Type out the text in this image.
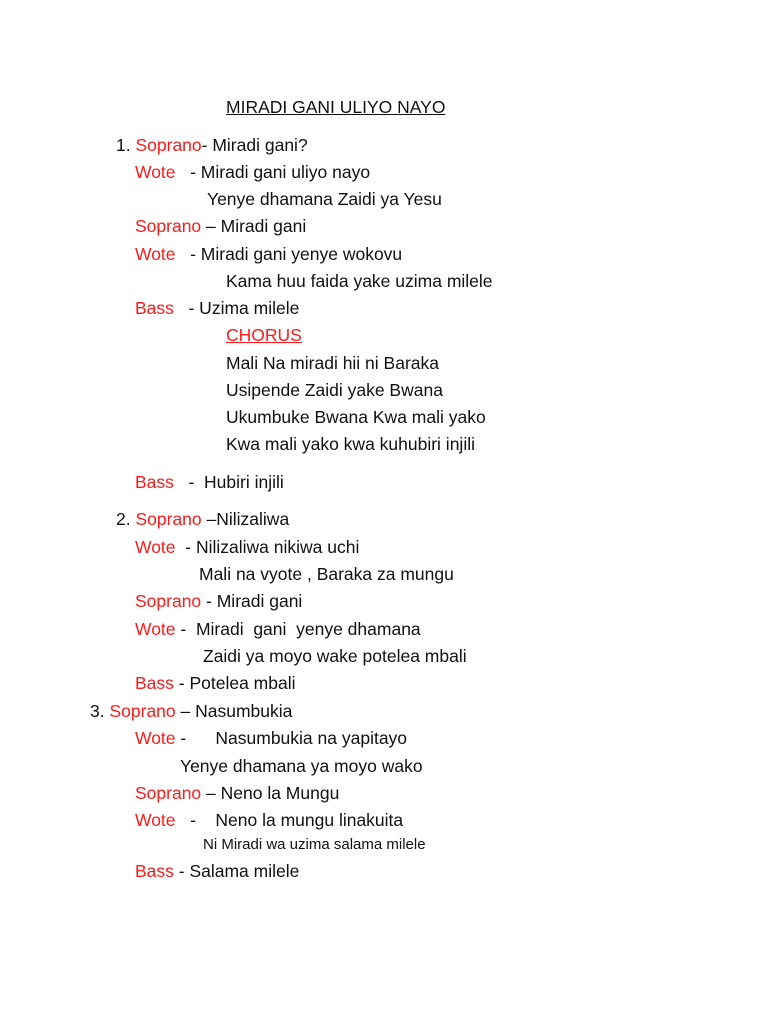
MIRADI GANI ULIYO NAYO
1. Soprano- Miradi gani?
Wote   - Miradi gani uliyo nayo
Yenye dhamana Zaidi ya Yesu
Soprano – Miradi gani
Wote   - Miradi gani yenye wokovu
Kama huu faida yake uzima milele
Bass   - Uzima milele
CHORUS
Mali Na miradi hii ni Baraka
Usipende Zaidi yake Bwana
Ukumbuke Bwana Kwa mali yako
Kwa mali yako kwa kuhubiri injili
Bass   -  Hubiri injili
2. Soprano –Nilizaliwa
Wote  - Nilizaliwa nikiwa uchi
Mali na vyote , Baraka za mungu
Soprano - Miradi gani
Wote -  Miradi  gani  yenye dhamana
Zaidi ya moyo wake potelea mbali
Bass - Potelea mbali
3. Soprano – Nasumbukia
Wote -      Nasumbukia na yapitayo
Yenye dhamana ya moyo wako
Soprano – Neno la Mungu
Wote   -    Neno la mungu linakuita
Ni Miradi wa uzima salama milele
Bass - Salama milele
